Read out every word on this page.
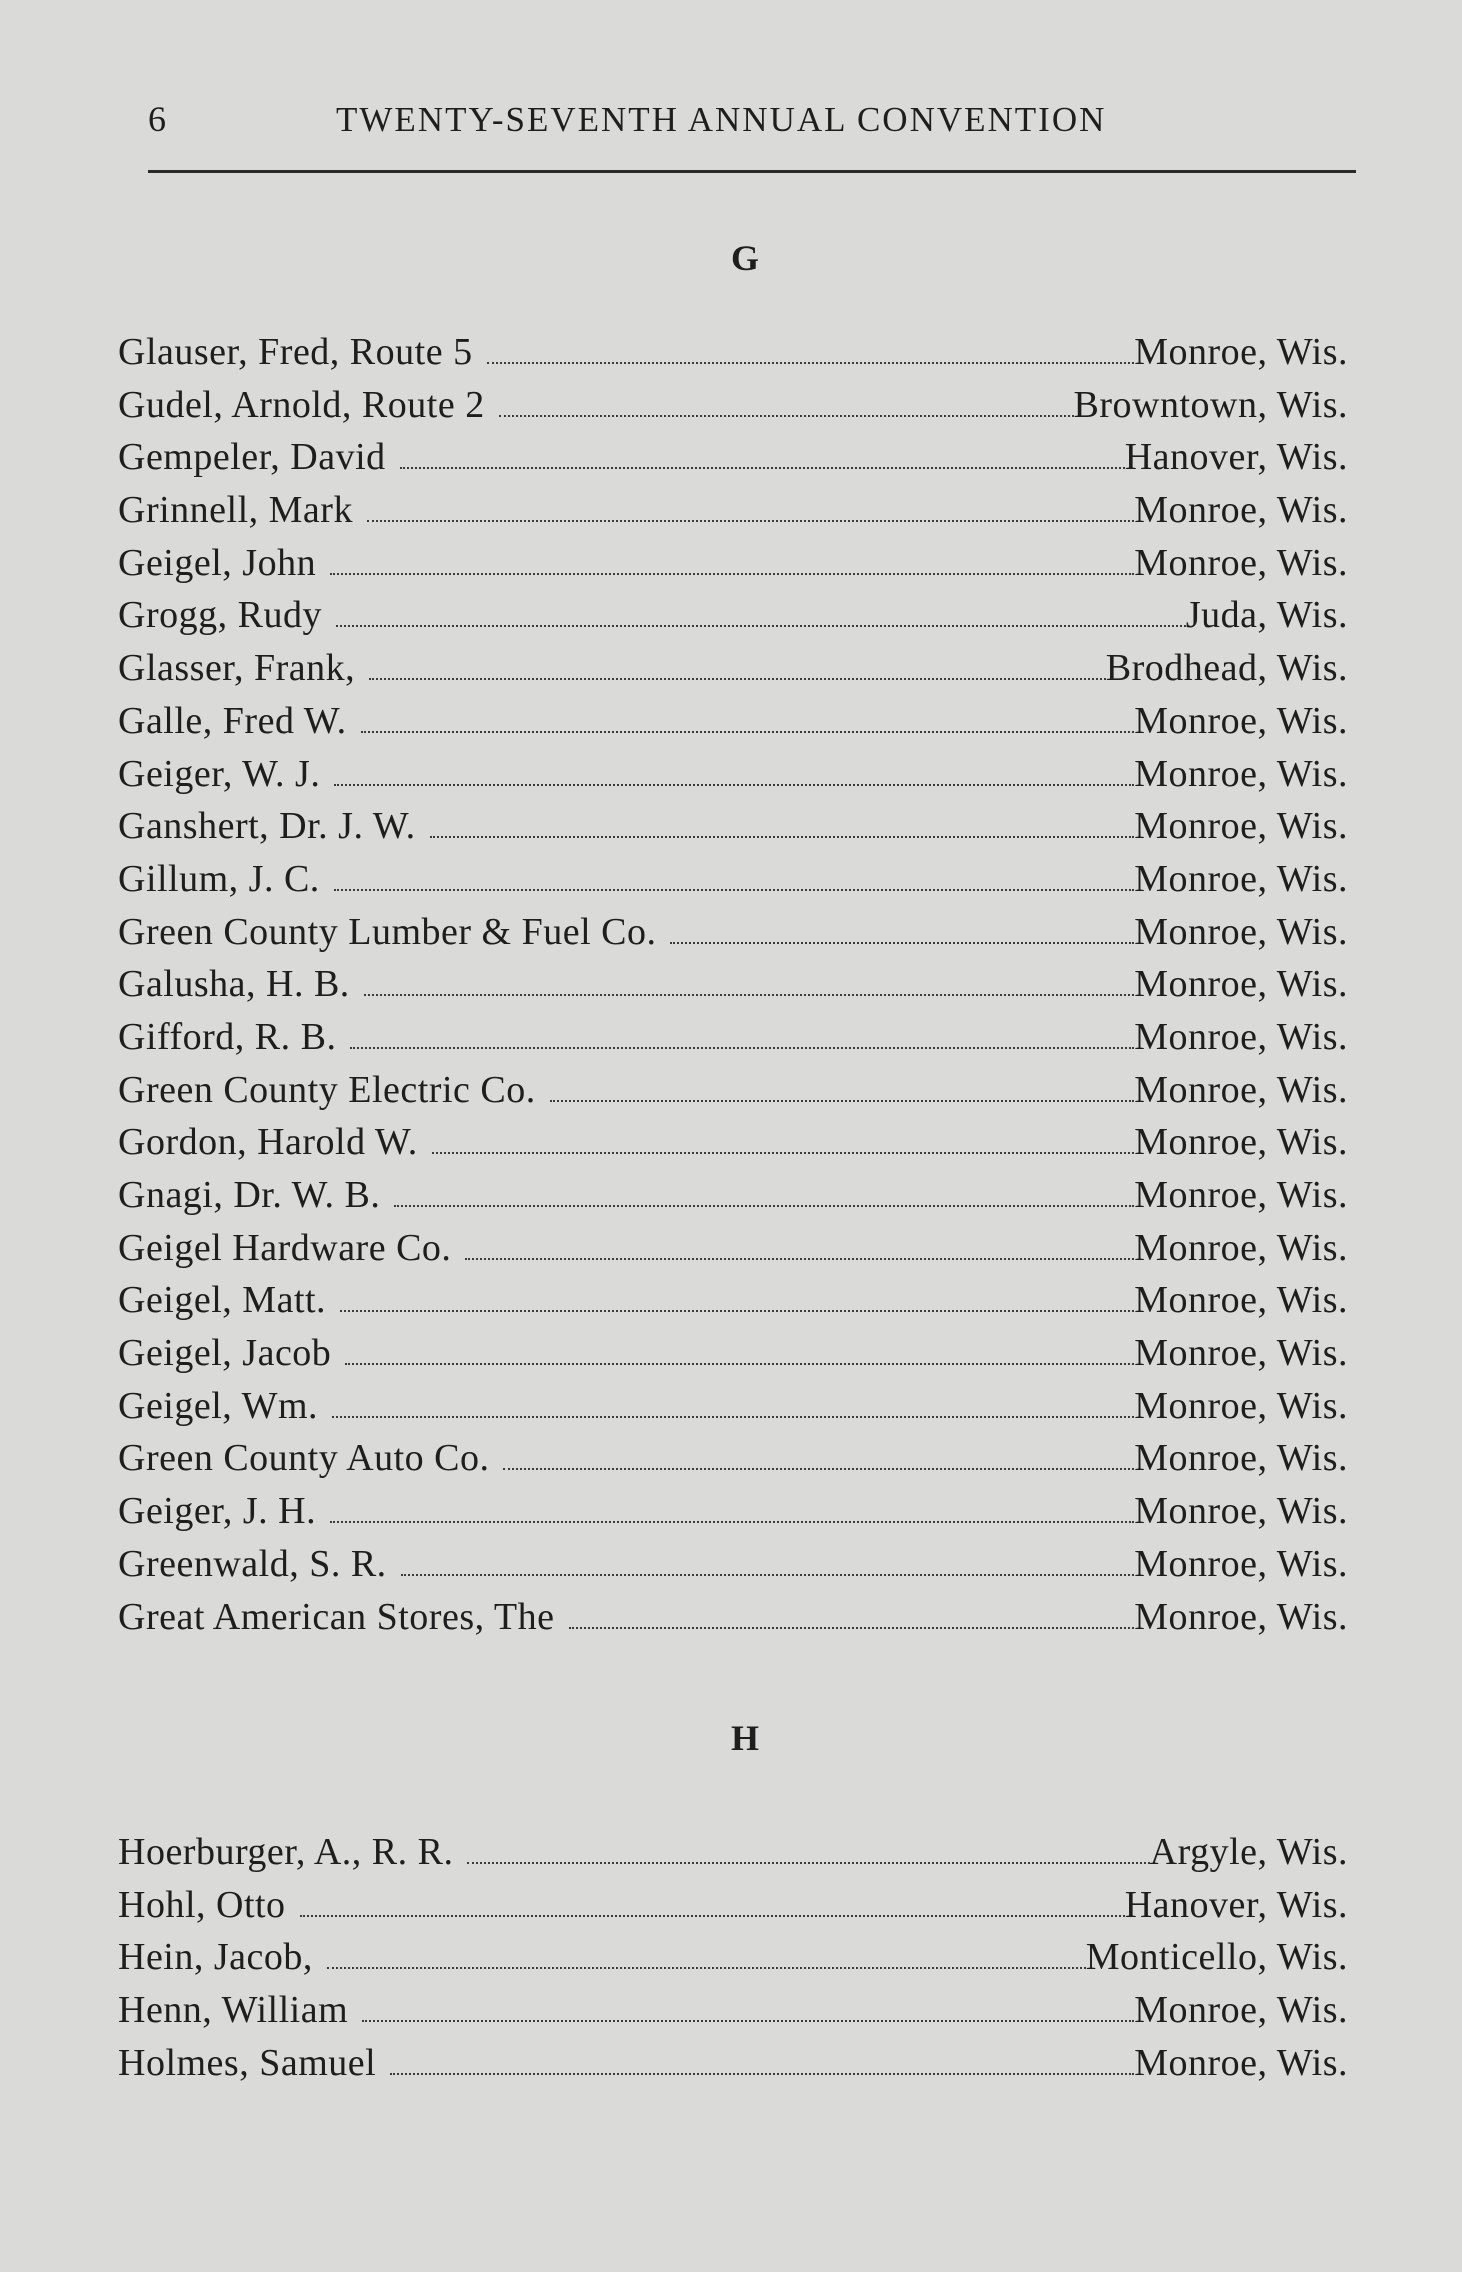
6	TWENTY-SEVENTH ANNUAL CONVENTION
G
Glauser, Fred, Route 5	Monroe, Wis.
Gudel, Arnold, Route 2	Browntown, Wis.
Gempeler, David	Hanover, Wis.
Grinnell, Mark	Monroe, Wis.
Geigel, John	Monroe, Wis.
Grogg, Rudy	Juda, Wis.
Glasser, Frank,	Brodhead, Wis.
Galle, Fred W.	Monroe, Wis.
Geiger, W. J.	Monroe, Wis.
Ganshert, Dr. J. W.	Monroe, Wis.
Gillum, J. C.	Monroe, Wis.
Green County Lumber & Fuel Co.	Monroe, Wis.
Galusha, H. B.	Monroe, Wis.
Gifford, R. B.	Monroe, Wis.
Green County Electric Co.	Monroe, Wis.
Gordon, Harold W.	Monroe, Wis.
Gnagi, Dr. W. B.	Monroe, Wis.
Geigel Hardware Co.	Monroe, Wis.
Geigel, Matt.	Monroe, Wis.
Geigel, Jacob	Monroe, Wis.
Geigel, Wm.	Monroe, Wis.
Green County Auto Co.	Monroe, Wis.
Geiger, J. H.	Monroe, Wis.
Greenwald, S. R.	Monroe, Wis.
Great American Stores, The	Monroe, Wis.
H
Hoerburger, A., R. R.	Argyle, Wis.
Hohl, Otto	Hanover, Wis.
Hein, Jacob,	Monticello, Wis.
Henn, William	Monroe, Wis.
Holmes, Samuel	Monroe, Wis.
